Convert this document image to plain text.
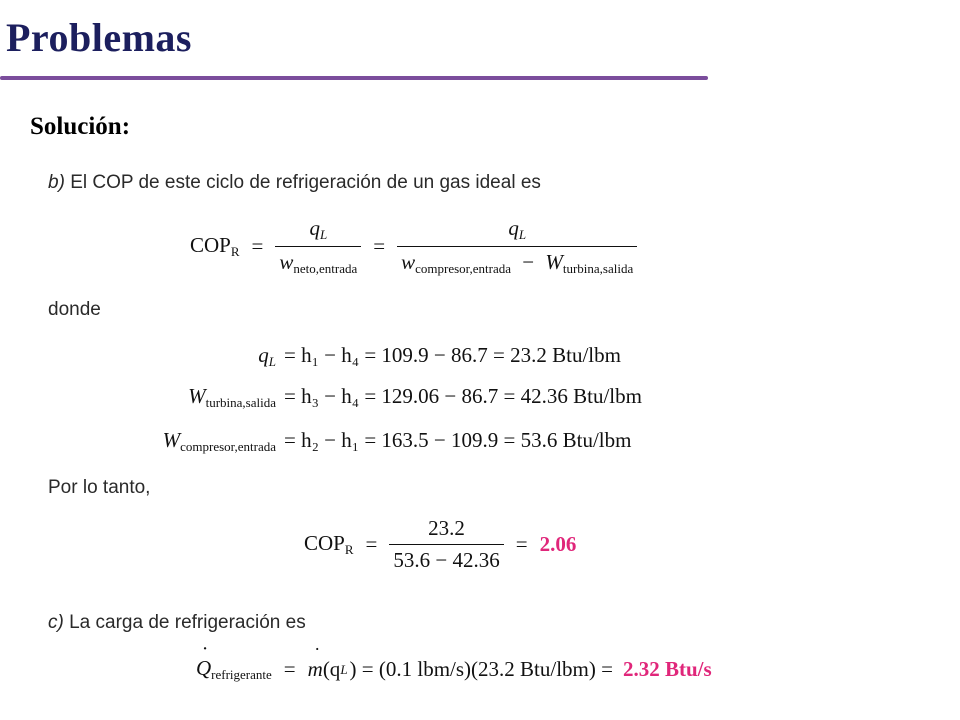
Problemas
Solución:
b) El COP de este ciclo de refrigeración de un gas ideal es
$COP_R = \frac{q_L}{w_{neto,entrada}} = \frac{q_L}{w_{compresor,entrada} - W_{turbina,salida}}$
donde
$q_L = h_1 - h_4 = 109.9 - 86.7 = 23.2$ Btu/lbm
$W_{turbina,salida} = h_3 - h_4 = 129.06 - 86.7 = 42.36$ Btu/lbm
$W_{compresor,entrada} = h_2 - h_1 = 163.5 - 109.9 = 53.6$ Btu/lbm
Por lo tanto,
$COP_R = \frac{23.2}{53.6 - 42.36} = 2.06$
c) La carga de refrigeración es
˙ $Q_{refrigerante}$ =
˙ m (q L ) = (0.1 lbm/s)(23.2 Btu/lbm) = 2.32 Btu/s
